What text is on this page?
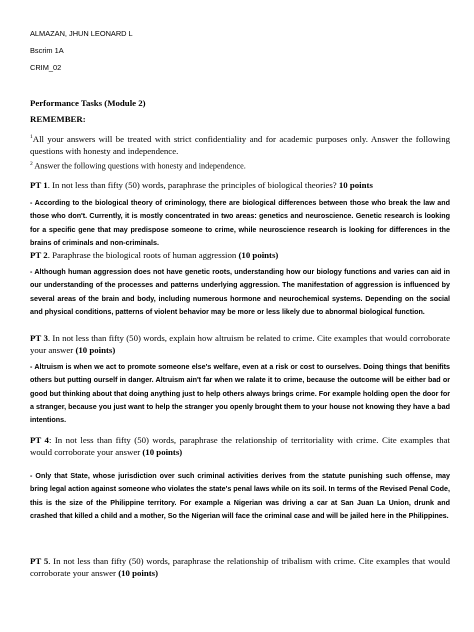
ALMAZAN, JHUN LEONARD L
Bscrim 1A
CRIM_02
Performance Tasks (Module 2)
REMEMBER:
$^1$All your answers will be treated with strict confidentiality and for academic purposes only. Answer the following questions with honesty and independence.
$^2$ Answer the following questions with honesty and independence.
PT 1. In not less than fifty (50) words, paraphrase the principles of biological theories? 10 points
- According to the biological theory of criminology, there are biological differences between those who break the law and those who don't. Currently, it is mostly concentrated in two areas: genetics and neuroscience. Genetic research is looking for a specific gene that may predispose someone to crime, while neuroscience research is looking for differences in the brains of criminals and non-criminals.
PT 2. Paraphrase the biological roots of human aggression (10 points)
- Although human aggression does not have genetic roots, understanding how our biology functions and varies can aid in our understanding of the processes and patterns underlying aggression. The manifestation of aggression is influenced by several areas of the brain and body, including numerous hormone and neurochemical systems. Depending on the social and physical conditions, patterns of violent behavior may be more or less likely due to abnormal biological function.
PT 3. In not less than fifty (50) words, explain how altruism be related to crime. Cite examples that would corroborate your answer (10 points)
- Altruism is when we act to promote someone else's welfare, even at a risk or cost to ourselves. Doing things that benifits others but putting ourself in danger. Altruism ain't far when we ralate it to crime, because the outcome will be either bad or good but thinking about that doing anything just to help others always brings crime. For example holding open the door for a stranger, because you just want to help the stranger you openly brought them to your house not knowing they have a bad intentions.
PT 4: In not less than fifty (50) words, paraphrase the relationship of territoriality with crime. Cite examples that would corroborate your answer (10 points)
- Only that State, whose jurisdiction over such criminal activities derives from the statute punishing such offense, may bring legal action against someone who violates the state's penal laws while on its soil. In terms of the Revised Penal Code, this is the size of the Philippine territory. For example a Nigerian was driving a car at San Juan La Union, drunk and crashed that killed a child and a mother, So the Nigerian will face the criminal case and will be jailed here in the Philippines.
PT 5. In not less than fifty (50) words, paraphrase the relationship of tribalism with crime. Cite examples that would corroborate your answer (10 points)
